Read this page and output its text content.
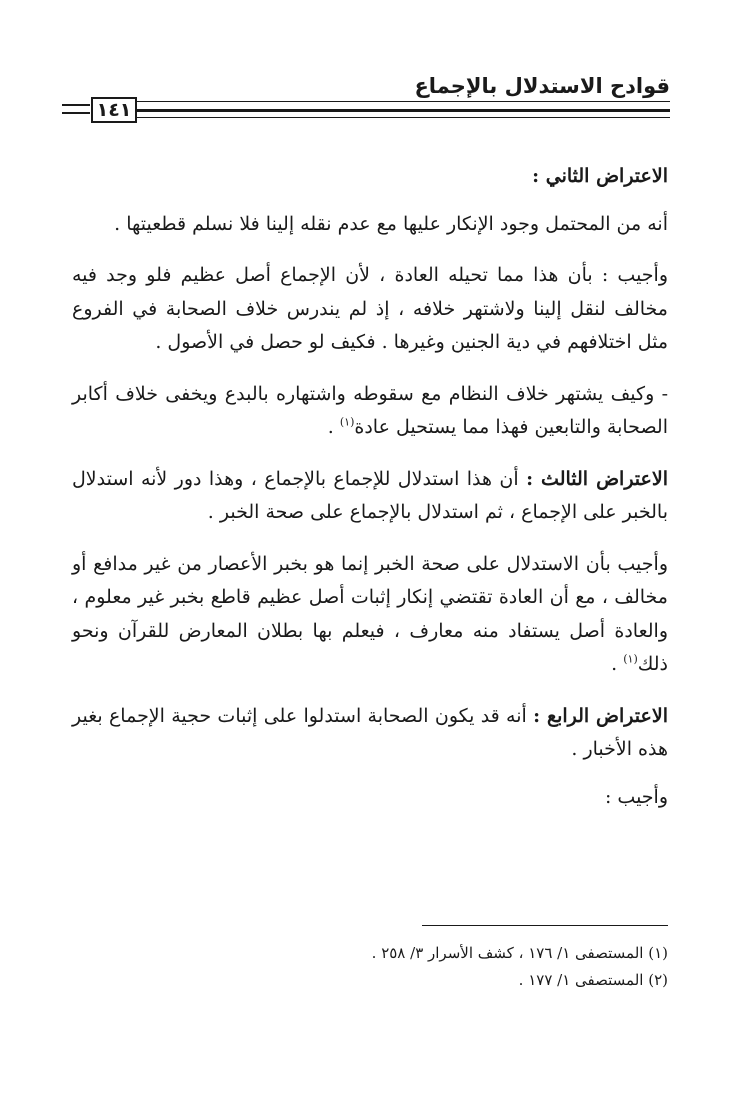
قوادح الاستدلال بالإجماع
١٤١

الاعتراض الثاني :

أنه من المحتمل وجود الإنكار عليها مع عدم نقله إلينا فلا نسلم قطعيتها .

وأجيب : بأن هذا مما تحيله العادة ، لأن الإجماع أصل عظيم فلو وجد فيه مخالف لنقل إلينا ولاشتهر خلافه ، إذ لم يندرس خلاف الصحابة في الفروع مثل اختلافهم في دية الجنين وغيرها . فكيف لو حصل في الأصول .

- وكيف يشتهر خلاف النظام مع سقوطه واشتهاره بالبدع ويخفى خلاف أكابر الصحابة والتابعين فهذا مما يستحيل عادة$^{(١)}$ .

الاعتراض الثالث : أن هذا استدلال للإجماع بالإجماع ، وهذا دور لأنه استدلال بالخبر على الإجماع ، ثم استدلال بالإجماع على صحة الخبر .

وأجيب بأن الاستدلال على صحة الخبر إنما هو بخبر الأعصار من غير مدافع أو مخالف ، مع أن العادة تقتضي إنكار إثبات أصل عظيم قاطع بخبر غير معلوم ، والعادة أصل يستفاد منه معارف ، فيعلم بها بطلان المعارض للقرآن ونحو ذلك$^{(١)}$ .

الاعتراض الرابع : أنه قد يكون الصحابة استدلوا على إثبات حجية الإجماع بغير هذه الأخبار .

وأجيب :

(١) المستصفى ١/ ١٧٦ ، كشف الأسرار ٣/ ٢٥٨ .

(٢) المستصفى ١/ ١٧٧ .
